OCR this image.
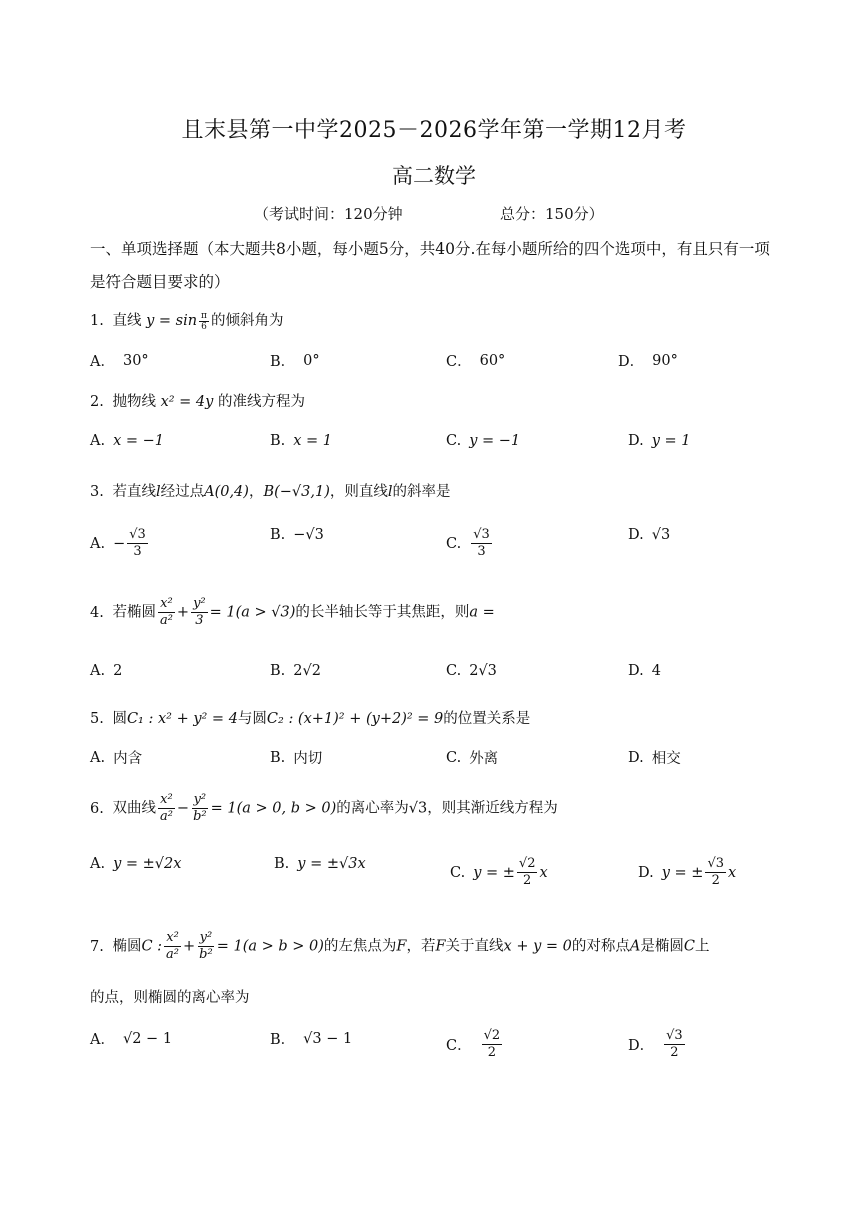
且末县第一中学2025－2026学年第一学期12月考
高二数学
（考试时间：120分钟	总分：150分）
一、单项选择题（本大题共8小题，每小题5分，共40分.在每小题所给的四个选项中，有且只有一项是符合题目要求的）
1. 直线 $y = \sin \frac{\pi}{6}$ 的倾斜角为
A． 30°	B． 0°	C． 60°	D． 90°
2. 抛物线 x² = 4y 的准线方程为
A. x = −1	B. x = 1	C. y = −1	D. y = 1
3. 若直线l经过点A(0,4)，B(−√3,1)，则直线l的斜率是
A. − $\frac{√3}{3}$	B. −√3
C. $\frac{√3}{3}$	D. √3
4. 若椭圆 $\frac{\text{x²}}{\text{a²}} + \frac{\text{y²}}{3} = 1(a > √3)$的长半轴长等于其焦距，则a =
A. 2	B. 2√2	C. 2√3	D. 4
5. 圆C₁ : x² + y² = 4与圆C₂ : (x+1)² + (y+2)² = 9的位置关系是
A. 内含	B. 内切	C. 外离	D. 相交
6. 双曲线 $\frac{\text{x²}}{\text{a²}} - \frac{\text{y²}}{\text{b²}} = 1(a > 0$, b > 0)的离心率为√3，则其渐近线方程为
A. y = ±√2x	B. y = ±√3x
C. y = ± $\frac{√2}{2}$ x	D. y = ± $\frac{√3}{2}$ x
7. 椭圆C : $\frac{\text{x²}}{\text{a²}} + \frac{\text{y²}}{\text{b²}} = 1(a > b > 0)$的左焦点为F，若F关于直线x + y = 0的对称点A是椭圆C上
的点，则椭圆的离心率为
A． √2 − 1	B． √3 − 1	C． $\frac{√2}{2}$	D． $\frac{√3}{2}$
